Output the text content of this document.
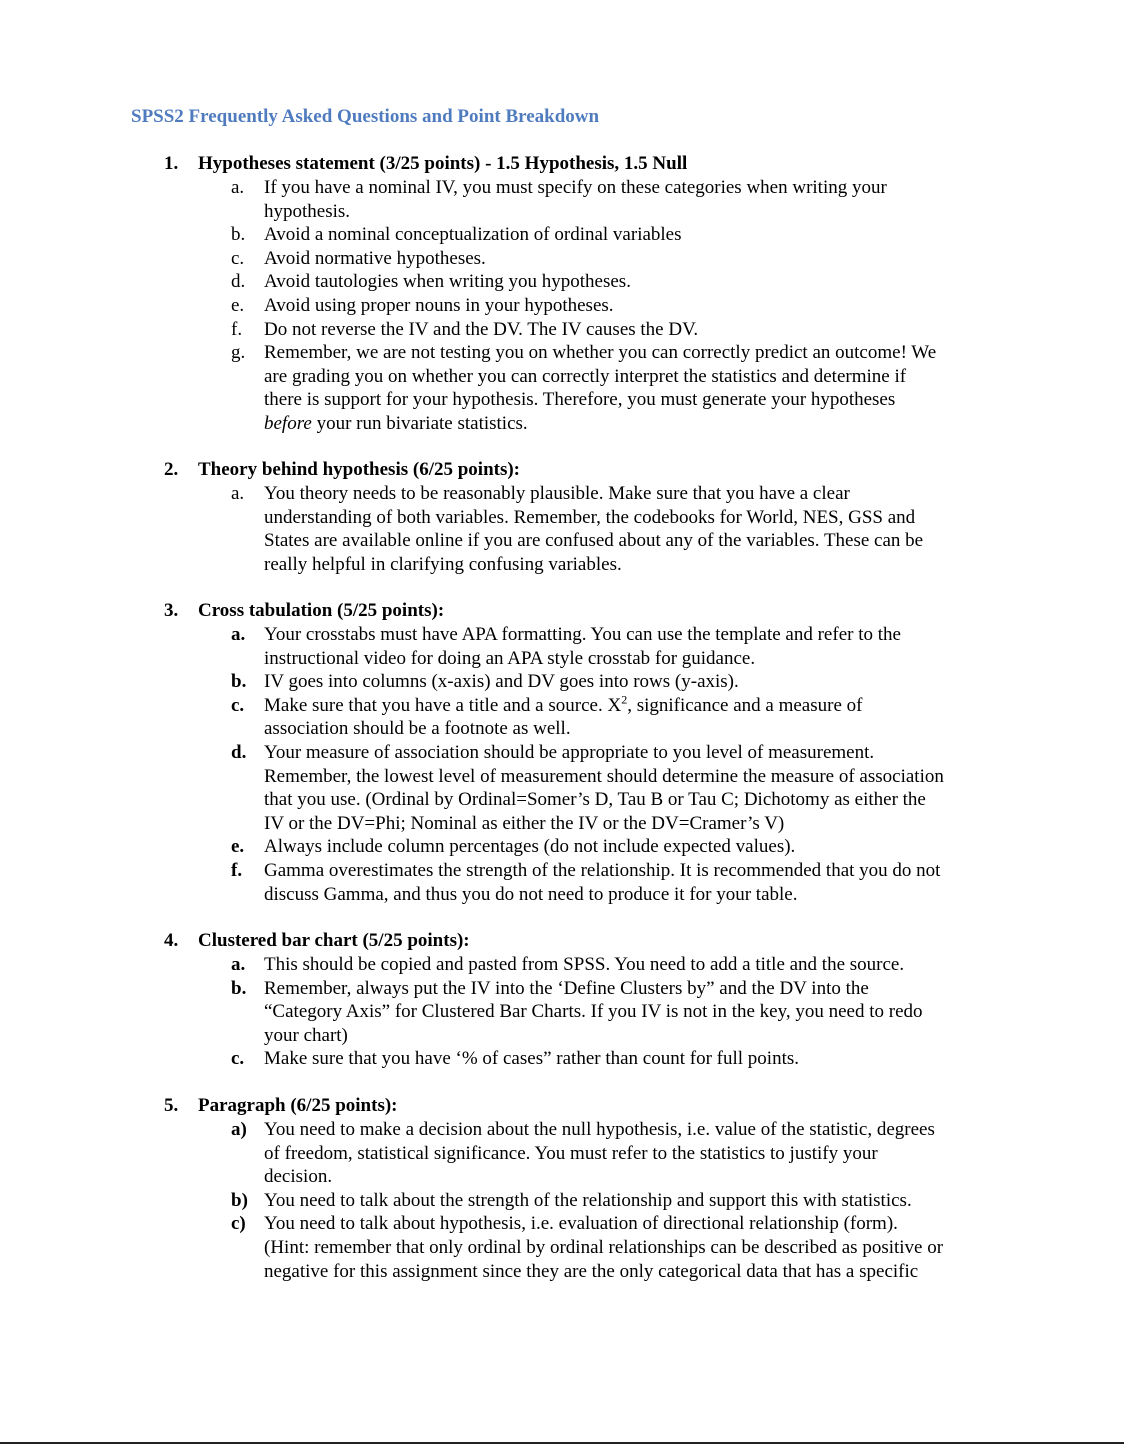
SPSS2 Frequently Asked Questions and Point Breakdown
1. Hypotheses statement (3/25 points) - 1.5 Hypothesis, 1.5 Null
a. If you have a nominal IV, you must specify on these categories when writing your
hypothesis.
b. Avoid a nominal conceptualization of ordinal variables
c. Avoid normative hypotheses.
d. Avoid tautologies when writing you hypotheses.
e. Avoid using proper nouns in your hypotheses.
f. Do not reverse the IV and the DV. The IV causes the DV.
g. Remember, we are not testing you on whether you can correctly predict an outcome! We
are grading you on whether you can correctly interpret the statistics and determine if
there is support for your hypothesis. Therefore, you must generate your hypotheses
before your run bivariate statistics.
2. Theory behind hypothesis (6/25 points):
a. You theory needs to be reasonably plausible. Make sure that you have a clear
understanding of both variables. Remember, the codebooks for World, NES, GSS and
States are available online if you are confused about any of the variables. These can be
really helpful in clarifying confusing variables.
3. Cross tabulation (5/25 points):
a. Your crosstabs must have APA formatting. You can use the template and refer to the
instructional video for doing an APA style crosstab for guidance.
b. IV goes into columns (x-axis) and DV goes into rows (y-axis).
c. Make sure that you have a title and a source. $X^2$, significance and a measure of
association should be a footnote as well.
d. Your measure of association should be appropriate to you level of measurement.
Remember, the lowest level of measurement should determine the measure of association
that you use. (Ordinal by Ordinal=Somer’s D, Tau B or Tau C; Dichotomy as either the
IV or the DV=Phi; Nominal as either the IV or the DV=Cramer’s V)
e. Always include column percentages (do not include expected values).
f. Gamma overestimates the strength of the relationship. It is recommended that you do not
discuss Gamma, and thus you do not need to produce it for your table.
4. Clustered bar chart (5/25 points):
a. This should be copied and pasted from SPSS. You need to add a title and the source.
b. Remember, always put the IV into the ‘Define Clusters by” and the DV into the
“Category Axis” for Clustered Bar Charts. If you IV is not in the key, you need to redo
your chart)
c. Make sure that you have ‘% of cases” rather than count for full points.
5. Paragraph (6/25 points):
a) You need to make a decision about the null hypothesis, i.e. value of the statistic, degrees
of freedom, statistical significance. You must refer to the statistics to justify your
decision.
b) You need to talk about the strength of the relationship and support this with statistics.
c) You need to talk about hypothesis, i.e. evaluation of directional relationship (form).
(Hint: remember that only ordinal by ordinal relationships can be described as positive or
negative for this assignment since they are the only categorical data that has a specific
